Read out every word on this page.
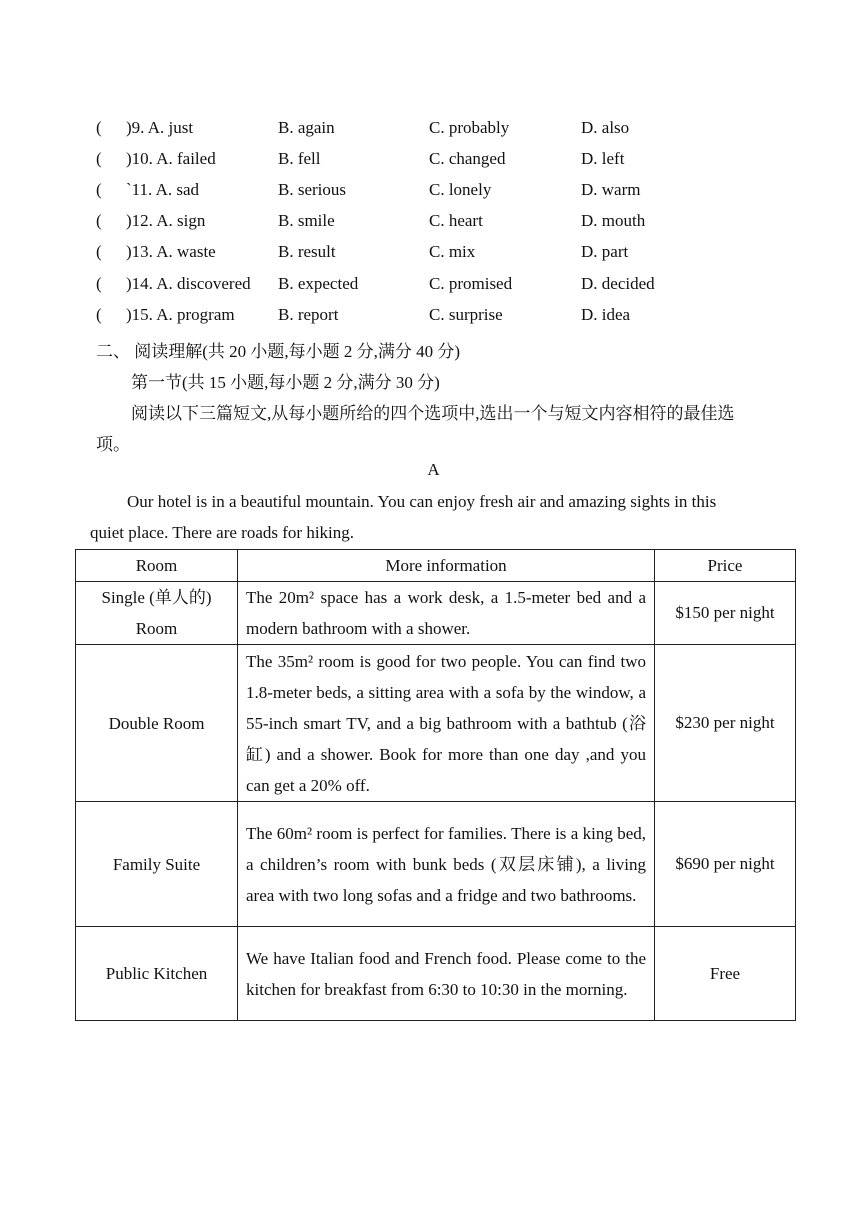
( )9. A. just	B. again	C. probably	D. also
( )10. A. failed	B. fell	C. changed	D. left
( `11. A. sad	B. serious	C. lonely	D. warm
( )12. A. sign	B. smile	C. heart	D. mouth
( )13. A. waste	B. result	C. mix	D. part
( )14. A. discovered B. expected	C. promised	D. decided
( )15. A. program	B. report	C. surprise	D. idea
二、 阅读理解(共 20 小题,每小题 2 分,满分 40 分)
第一节(共 15 小题,每小题 2 分,满分 30 分)
阅读以下三篇短文,从每小题所给的四个选项中,选出一个与短文内容相符的最佳选
项。
A
Our hotel is in a beautiful mountain. You can enjoy fresh air and amazing sights in this
quiet place. There are roads for hiking.
Room	More information	Price

Single (单人的)
Room	The 20m² space has a work desk, a 1.5-meter bed and a modern bathroom with a shower.	$150 per night

Double Room	The 35m² room is good for two people. You can find two 1.8-meter beds, a sitting area with a sofa by the window, a 55-inch smart TV, and a big bathroom with a bathtub (浴缸) and a shower. Book for more than one day ,and you can get a 20% off.	$230 per night

Family Suite	The 60m² room is perfect for families. There is a king bed, a children’s room with bunk beds (双层床铺), a living area with two long sofas and a fridge and two bathrooms.	$690 per night

Public Kitchen	We have Italian food and French food. Please come to the kitchen for breakfast from 6:30 to 10:30 in the morning.	Free
